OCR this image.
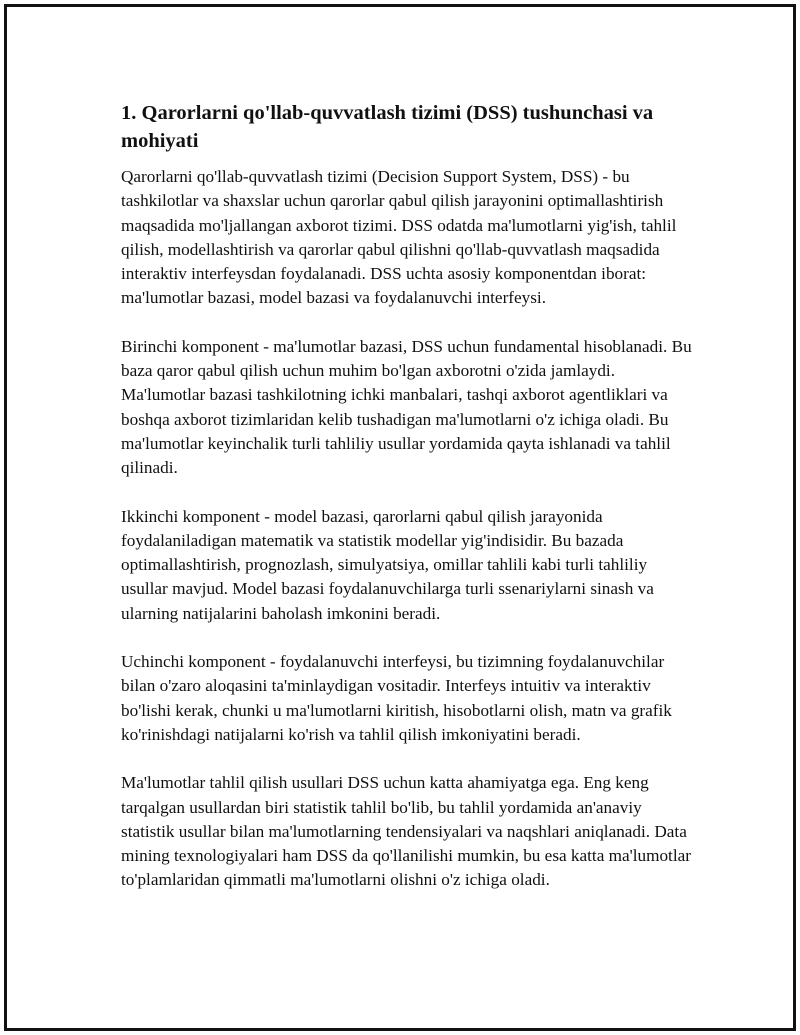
1. Qarorlarni qo'llab-quvvatlash tizimi (DSS) tushunchasi va mohiyati

Qarorlarni qo'llab-quvvatlash tizimi (Decision Support System, DSS) - bu tashkilotlar va shaxslar uchun qarorlar qabul qilish jarayonini optimallashtirish maqsadida mo'ljallangan axborot tizimi. DSS odatda ma'lumotlarni yig'ish, tahlil qilish, modellashtirish va qarorlar qabul qilishni qo'llab-quvvatlash maqsadida interaktiv interfeysdan foydalanadi. DSS uchta asosiy komponentdan iborat: ma'lumotlar bazasi, model bazasi va foydalanuvchi interfeysi.

Birinchi komponent - ma'lumotlar bazasi, DSS uchun fundamental hisoblanadi. Bu baza qaror qabul qilish uchun muhim bo'lgan axborotni o'zida jamlaydi. Ma'lumotlar bazasi tashkilotning ichki manbalari, tashqi axborot agentliklari va boshqa axborot tizimlaridan kelib tushadigan ma'lumotlarni o'z ichiga oladi. Bu ma'lumotlar keyinchalik turli tahliliy usullar yordamida qayta ishlanadi va tahlil qilinadi.

Ikkinchi komponent - model bazasi, qarorlarni qabul qilish jarayonida foydalaniladigan matematik va statistik modellar yig'indisidir. Bu bazada optimallashtirish, prognozlash, simulyatsiya, omillar tahlili kabi turli tahliliy usullar mavjud. Model bazasi foydalanuvchilarga turli ssenariylarni sinash va ularning natijalarini baholash imkonini beradi.

Uchinchi komponent - foydalanuvchi interfeysi, bu tizimning foydalanuvchilar bilan o'zaro aloqasini ta'minlaydigan vositadir. Interfeys intuitiv va interaktiv bo'lishi kerak, chunki u ma'lumotlarni kiritish, hisobotlarni olish, matn va grafik ko'rinishdagi natijalarni ko'rish va tahlil qilish imkoniyatini beradi.

Ma'lumotlar tahlil qilish usullari DSS uchun katta ahamiyatga ega. Eng keng tarqalgan usullardan biri statistik tahlil bo'lib, bu tahlil yordamida an'anaviy statistik usullar bilan ma'lumotlarning tendensiyalari va naqshlari aniqlanadi. Data mining texnologiyalari ham DSS da qo'llanilishi mumkin, bu esa katta ma'lumotlar to'plamlaridan qimmatli ma'lumotlarni olishni o'z ichiga oladi.
